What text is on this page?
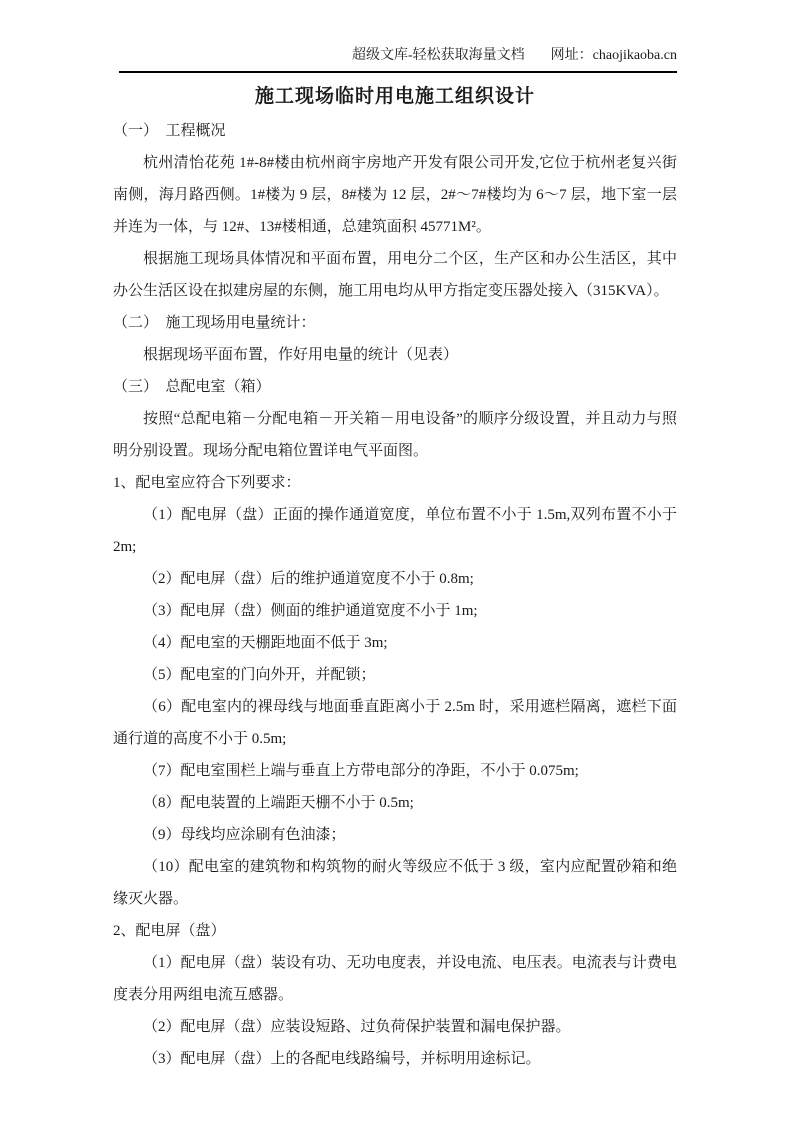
超级文库-轻松获取海量文档 网址：chaojikaoba.cn
施工现场临时用电施工组织设计

（一）　工程概况

杭州清怡花苑 1#-8#楼由杭州商宇房地产开发有限公司开发,它位于杭州老复兴街南侧，海月路西侧。1#楼为 9 层，8#楼为 12 层，2#～7#楼均为 6～7 层，地下室一层并连为一体，与 12#、13#楼相通，总建筑面积 45771M²。

根据施工现场具体情况和平面布置，用电分二个区，生产区和办公生活区，其中办公生活区设在拟建房屋的东侧，施工用电均从甲方指定变压器处接入（315KVA）。

（二）　施工现场用电量统计：

根据现场平面布置，作好用电量的统计（见表）

（三）　总配电室（箱）

按照“总配电箱－分配电箱－开关箱－用电设备”的顺序分级设置，并且动力与照明分别设置。现场分配电箱位置详电气平面图。

1、配电室应符合下列要求：

（1）配电屏（盘）正面的操作通道宽度，单位布置不小于 1.5m,双列布置不小于 2m;

（2）配电屏（盘）后的维护通道宽度不小于 0.8m;

（3）配电屏（盘）侧面的维护通道宽度不小于 1m;

（4）配电室的天棚距地面不低于 3m;

（5）配电室的门向外开，并配锁；

（6）配电室内的裸母线与地面垂直距离小于 2.5m 时，采用遮栏隔离，遮栏下面通行道的高度不小于 0.5m;

（7）配电室围栏上端与垂直上方带电部分的净距，不小于 0.075m;

（8）配电装置的上端距天棚不小于 0.5m;

（9）母线均应涂刷有色油漆；

（10）配电室的建筑物和构筑物的耐火等级应不低于 3 级，室内应配置砂箱和绝缘灭火器。

2、配电屏（盘）

（1）配电屏（盘）装设有功、无功电度表，并设电流、电压表。电流表与计费电度表分用两组电流互感器。

（2）配电屏（盘）应装设短路、过负荷保护装置和漏电保护器。

（3）配电屏（盘）上的各配电线路编号，并标明用途标记。
